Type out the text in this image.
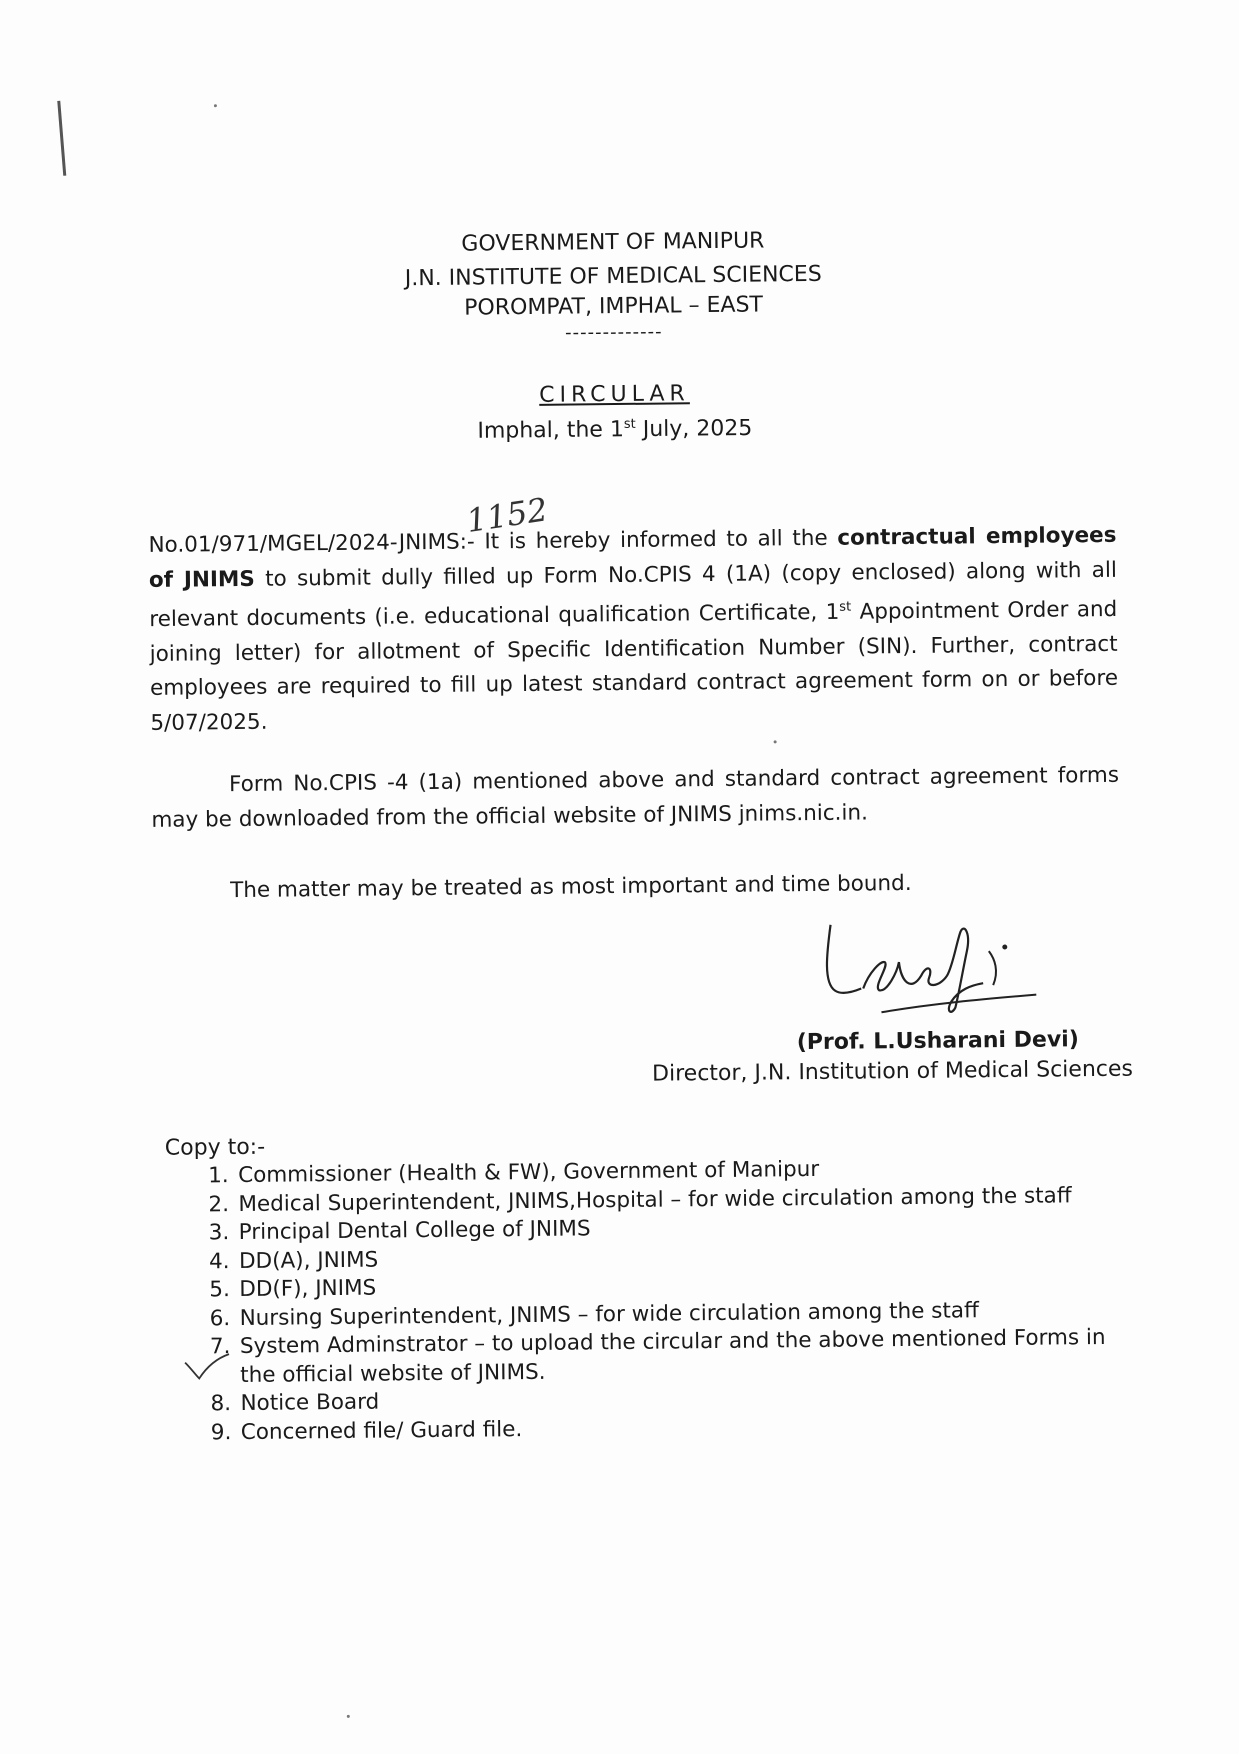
GOVERNMENT OF MANIPUR
J.N. INSTITUTE OF MEDICAL SCIENCES
POROMPAT, IMPHAL – EAST
-------------
CIRCULAR
Imphal, the 1st July, 2025
1152
No.01/971/MGEL/2024-JNIMS:- It is hereby informed to all the contractual employees of JNIMS to submit dully filled up Form No.CPIS 4 (1A) (copy enclosed) along with all relevant documents (i.e. educational qualification Certificate, 1st Appointment Order and joining letter) for allotment of Specific Identification Number (SIN). Further, contract employees are required to fill up latest standard contract agreement form on or before 5/07/2025.
Form No.CPIS -4 (1a) mentioned above and standard contract agreement forms may be downloaded from the official website of JNIMS jnims.nic.in.
The matter may be treated as most important and time bound.
(Prof. L.Usharani Devi)
Director, J.N. Institution of Medical Sciences
Copy to:-
1. Commissioner (Health & FW), Government of Manipur
2. Medical Superintendent, JNIMS,Hospital – for wide circulation among the staff
3. Principal Dental College of JNIMS
4. DD(A), JNIMS
5. DD(F), JNIMS
6. Nursing Superintendent, JNIMS – for wide circulation among the staff
7. System Adminstrator – to upload the circular and the above mentioned Forms in the official website of JNIMS.
8. Notice Board
9. Concerned file/ Guard file.
